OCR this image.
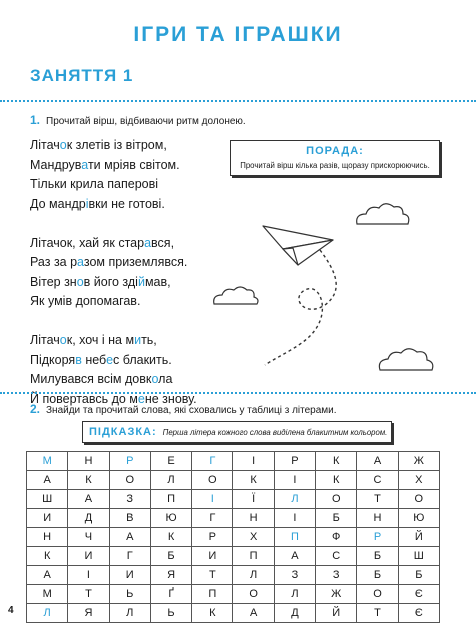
ІГРИ ТА ІГРАШКИ
ЗАНЯТТЯ 1
1. Прочитай вірш, відбиваючи ритм долонею.
Літачок злетів із вітром,
Мандрувати мріяв світом.
Тільки крила паперові
До мандрівки не готові.
Літачок, хай як старався,
Раз за разом приземлявся.
Вітер знов його здіймав,
Як умів допомагав.
Літачок, хоч і на мить,
Підкоряв небес блакить.
Милувався всім довкола
Й повертавсь до мене знову.
ПОРАДА:
Прочитай вірш кілька разів, щоразу прискорюючись.
2. Знайди та прочитай слова, які сховались у таблиці з літерами.
ПІДКАЗКА: Перша літера кожного слова виділена блакитним кольором.
М	Н	Р	Е	Г	І	Р	К	А	Ж
А	К	О	Л	О	К	І	К	С	Х
Ш	А	З	П	І	Ї	Л	О	Т	О
И	Д	В	Ю	Г	Н	І	Б	Н	Ю
Н	Ч	А	К	Р	Х	П	Ф	Р	Й
К	И	Г	Б	И	П	А	С	Б	Ш
А	І	И	Я	Т	Л	З	З	Б	Б
М	Т	Ь	Ґ	П	О	Л	Ж	О	Є
Л	Я	Л	Ь	К	А	Д	Й	Т	Є
4
